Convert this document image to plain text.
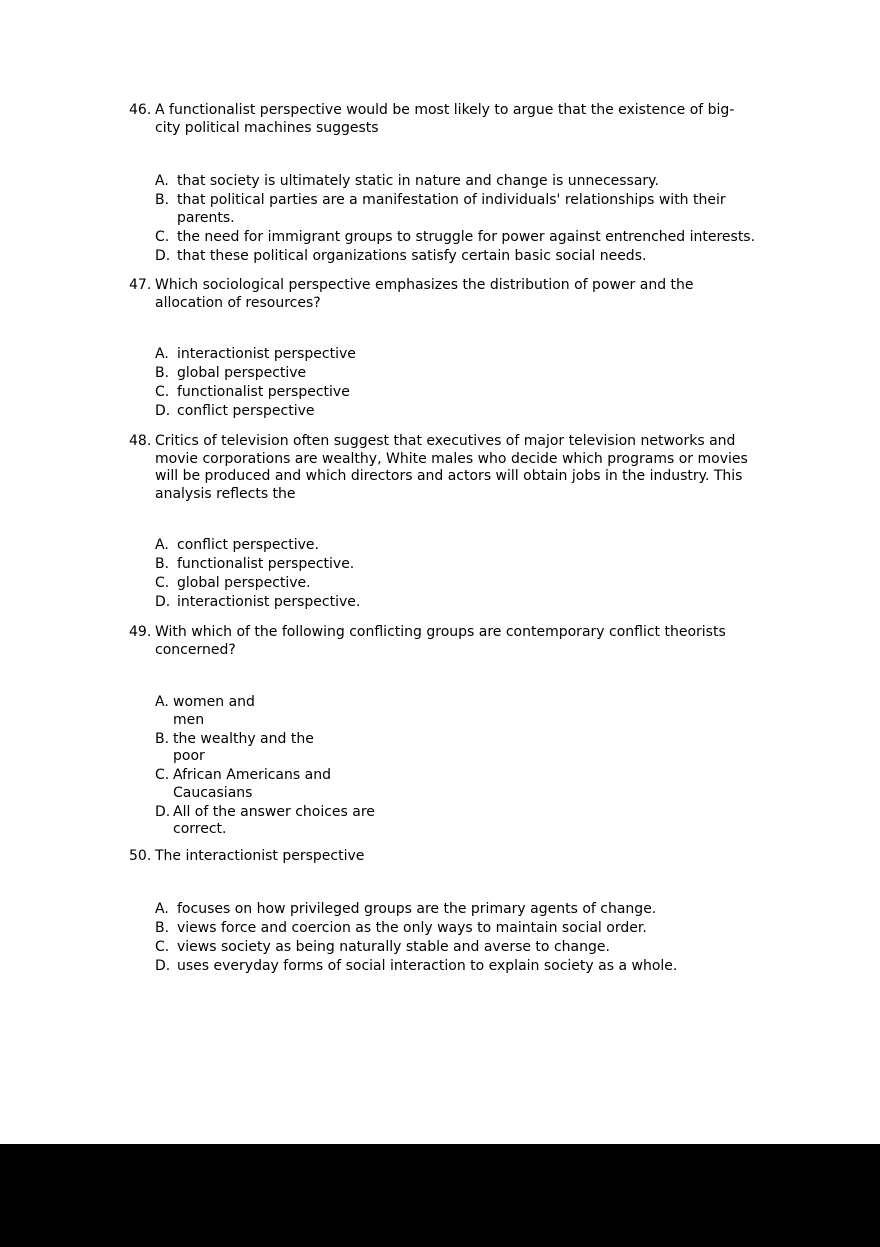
46. A functionalist perspective would be most likely to argue that the existence of big-city political machines suggests
A. that society is ultimately static in nature and change is unnecessary.
B. that political parties are a manifestation of individuals' relationships with their parents.
C. the need for immigrant groups to struggle for power against entrenched interests.
D. that these political organizations satisfy certain basic social needs.
47. Which sociological perspective emphasizes the distribution of power and the allocation of resources?
A. interactionist perspective
B. global perspective
C. functionalist perspective
D. conflict perspective
48. Critics of television often suggest that executives of major television networks and movie corporations are wealthy, White males who decide which programs or movies will be produced and which directors and actors will obtain jobs in the industry. This analysis reflects the
A. conflict perspective.
B. functionalist perspective.
C. global perspective.
D. interactionist perspective.
49. With which of the following conflicting groups are contemporary conflict theorists concerned?
A. women and men
B. the wealthy and the poor
C. African Americans and Caucasians
D. All of the answer choices are correct.
50. The interactionist perspective
A. focuses on how privileged groups are the primary agents of change.
B. views force and coercion as the only ways to maintain social order.
C. views society as being naturally stable and averse to change.
D. uses everyday forms of social interaction to explain society as a whole.
